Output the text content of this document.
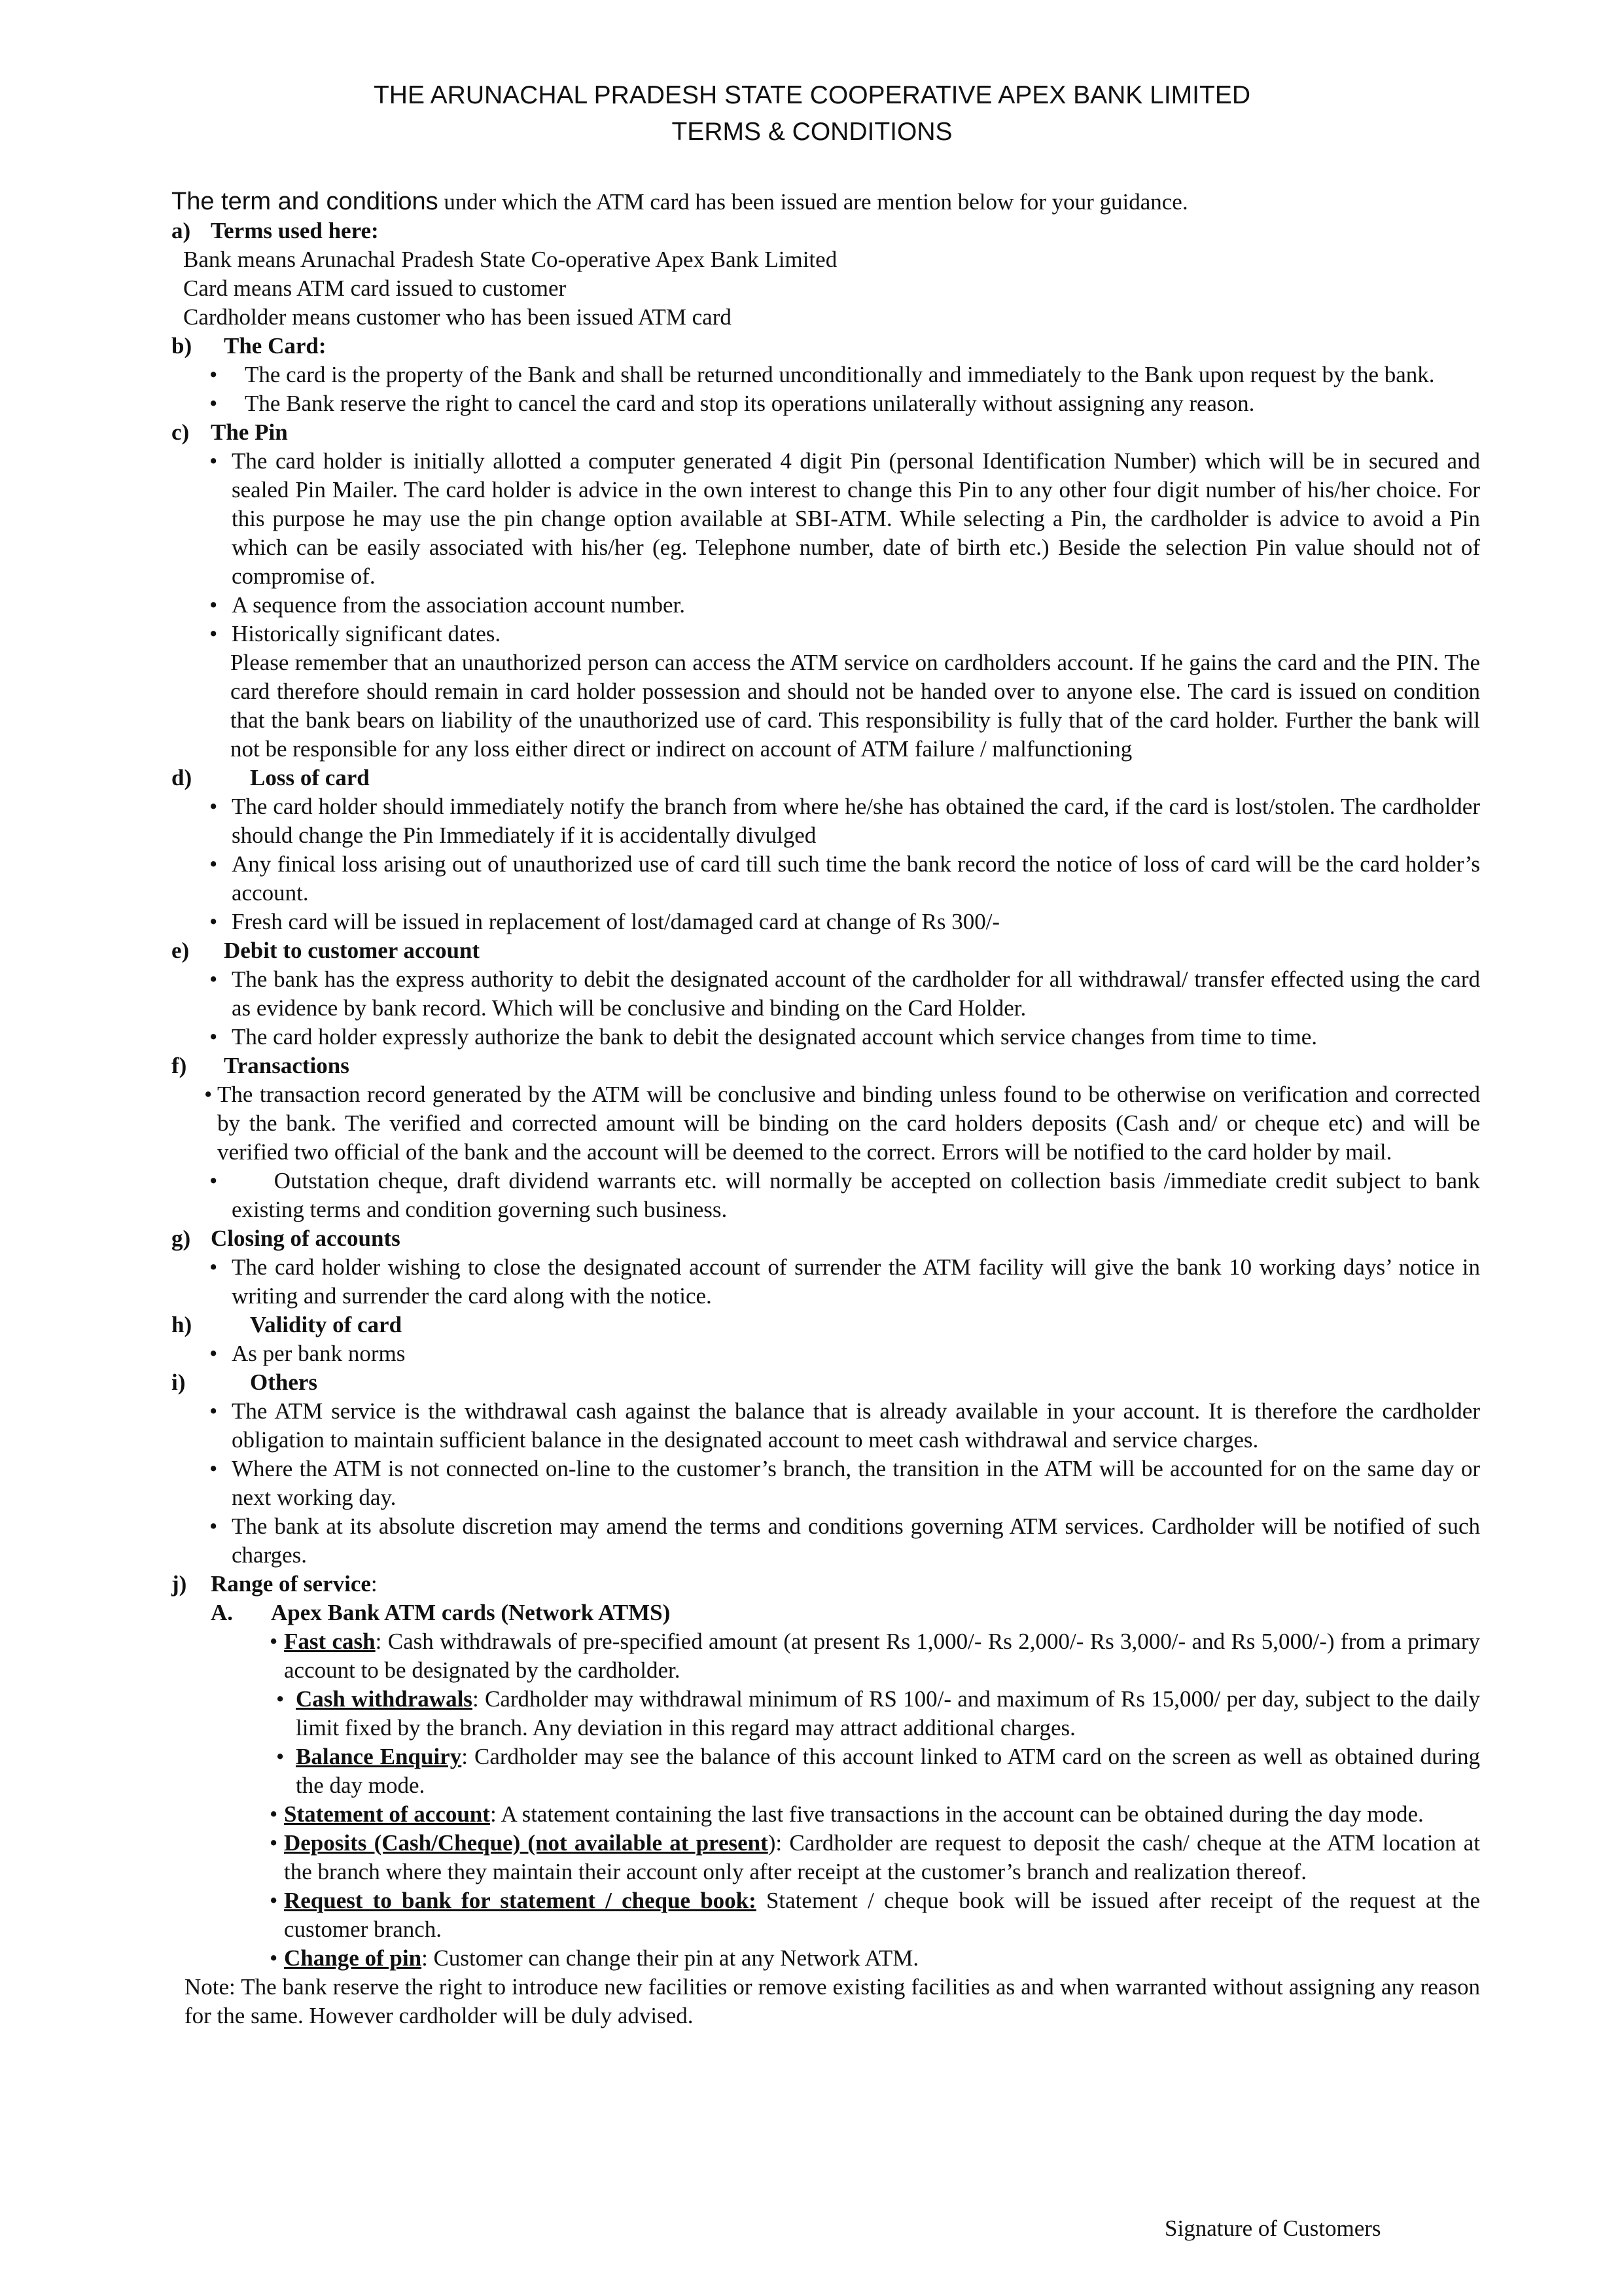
THE ARUNACHAL PRADESH STATE COOPERATIVE APEX BANK LIMITED
TERMS & CONDITIONS
The term and conditions under which the ATM card has been issued are mention below for your guidance.
a) Terms used here:
Bank means Arunachal Pradesh State Co-operative Apex Bank Limited
Card means ATM card issued to customer
Cardholder means customer who has been issued ATM card
b)	The Card:
• The card is the property of the Bank and shall be returned unconditionally and immediately to the Bank upon request by the bank.
• The Bank reserve the right to cancel the card and stop its operations unilaterally without assigning any reason.
c) The Pin
• The card holder is initially allotted a computer generated 4 digit Pin (personal Identification Number) which will be in secured and sealed Pin Mailer. The card holder is advice in the own interest to change this Pin to any other four digit number of his/her choice. For this purpose he may use the pin change option available at SBI-ATM. While selecting a Pin, the cardholder is advice to avoid a Pin which can be easily associated with his/her (eg. Telephone number, date of birth etc.) Beside the selection Pin value should not of compromise of.
• A sequence from the association account number.
• Historically significant dates.
Please remember that an unauthorized person can access the ATM service on cardholders account. If he gains the card and the PIN. The card therefore should remain in card holder possession and should not be handed over to anyone else. The card is issued on condition that the bank bears on liability of the unauthorized use of card. This responsibility is fully that of the card holder. Further the bank will not be responsible for any loss either direct or indirect on account of ATM failure / malfunctioning
d)	Loss of card
• The card holder should immediately notify the branch from where he/she has obtained the card, if the card is lost/stolen. The cardholder should change the Pin Immediately if it is accidentally divulged
• Any finical loss arising out of unauthorized use of card till such time the bank record the notice of loss of card will be the card holder’s account.
• Fresh card will be issued in replacement of lost/damaged card at change of Rs 300/-
e)	Debit to customer account
• The bank has the express authority to debit the designated account of the cardholder for all withdrawal/ transfer effected using the card as evidence by bank record. Which will be conclusive and binding on the Card Holder.
• The card holder expressly authorize the bank to debit the designated account which service changes from time to time.
f)	Transactions
• The transaction record generated by the ATM will be conclusive and binding unless found to be otherwise on verification and corrected by the bank. The verified and corrected amount will be binding on the card holders deposits (Cash and/ or cheque etc) and will be verified two official of the bank and the account will be deemed to the correct. Errors will be notified to the card holder by mail.
•      Outstation cheque, draft dividend warrants etc. will normally be accepted on collection basis /immediate credit subject to bank existing terms and condition governing such business.
g) Closing of accounts
• The card holder wishing to close the designated account of surrender the ATM facility will give the bank 10 working days’ notice in writing and surrender the card along with the notice.
h)	Validity of card
• As per bank norms
i)	Others
• The ATM service is the withdrawal cash against the balance that is already available in your account. It is therefore the cardholder obligation to maintain sufficient balance in the designated account to meet cash withdrawal and service charges.
• Where the ATM is not connected on-line to the customer’s branch, the transition in the ATM will be accounted for on the same day or next working day.
• The bank at its absolute discretion may amend the terms and conditions governing ATM services. Cardholder will be notified of such charges.
j)	Range of service :
A.	Apex Bank ATM cards (Network ATMS)
• Fast cash: Cash withdrawals of pre-specified amount (at present Rs 1,000/- Rs 2,000/- Rs 3,000/- and Rs 5,000/-) from a primary account to be designated by the cardholder.
• Cash withdrawals: Cardholder may withdrawal minimum of RS 100/- and maximum of Rs 15,000/ per day, subject to the daily limit fixed by the branch. Any deviation in this regard may attract additional charges.
• Balance Enquiry: Cardholder may see the balance of this account linked to ATM card on the screen as well as obtained during the day mode.
• Statement of account: A statement containing the last five transactions in the account can be obtained during the day mode.
• Deposits (Cash/Cheque) (not available at present): Cardholder are request to deposit the cash/ cheque at the ATM location at the branch where they maintain their account only after receipt at the customer’s branch and realization thereof.
• Request to bank for statement / cheque book: Statement / cheque book will be issued after receipt of the request at the customer branch.
• Change of pin: Customer can change their pin at any Network ATM.
Note: The bank reserve the right to introduce new facilities or remove existing facilities as and when warranted without assigning any reason for the same. However cardholder will be duly advised.
Signature of Customers
